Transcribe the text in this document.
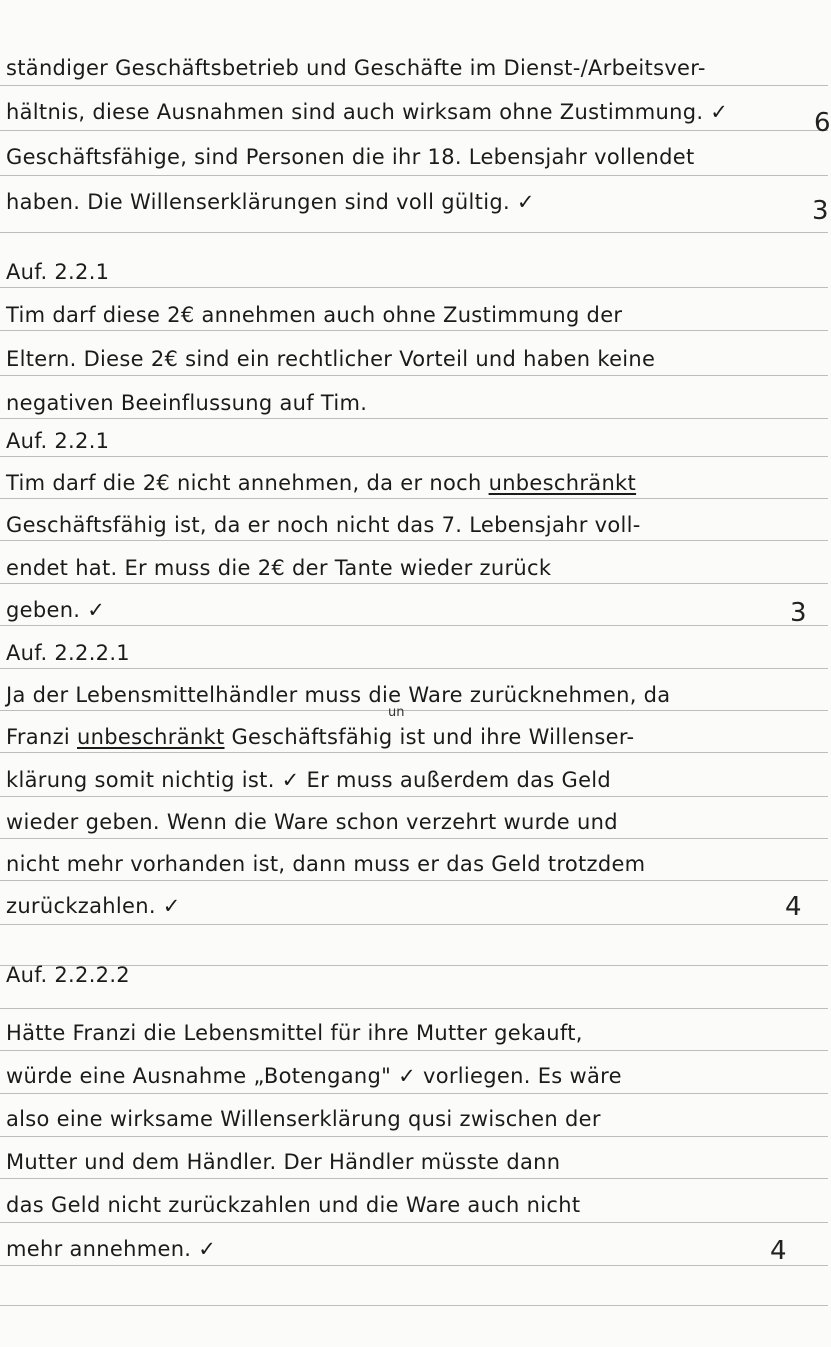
ständiger Geschäftsbetrieb und Geschäfte im Dienst-/Arbeitsver-
hältnis, diese Ausnahmen sind auch wirksam ohne Zustimmung. ✓
Geschäftsfähige, sind Personen die ihr 18. Lebensjahr vollendet
haben. Die Willenserklärungen sind voll gültig. ✓
Auf. 2.2.1
Tim darf diese 2€ annehmen auch ohne Zustimmung der
Eltern. Diese 2€ sind ein rechtlicher Vorteil und haben keine
negativen Beeinflussung auf Tim.
Auf. 2.2.1
Tim darf die 2€ nicht annehmen, da er noch unbeschränkt
Geschäftsfähig ist, da er noch nicht das 7. Lebensjahr voll-
endet hat. Er muss die 2€ der Tante wieder zurück
geben. ✓
Auf. 2.2.2.1
Ja der Lebensmittelhändler muss die Ware zurücknehmen, da
un
Franzi unbeschränkt Geschäftsfähig ist und ihre Willenser-
klärung somit nichtig ist. ✓ Er muss außerdem das Geld
wieder geben. Wenn die Ware schon verzehrt wurde und
nicht mehr vorhanden ist, dann muss er das Geld trotzdem
zurückzahlen. ✓
Auf. 2.2.2.2
Hätte Franzi die Lebensmittel für ihre Mutter gekauft,
würde eine Ausnahme „Botengang" ✓ vorliegen. Es wäre
also eine wirksame Willenserklärung qusi zwischen der
Mutter und dem Händler. Der Händler müsste dann
das Geld nicht zurückzahlen und die Ware auch nicht
mehr annehmen. ✓
6
3
3
4
4
